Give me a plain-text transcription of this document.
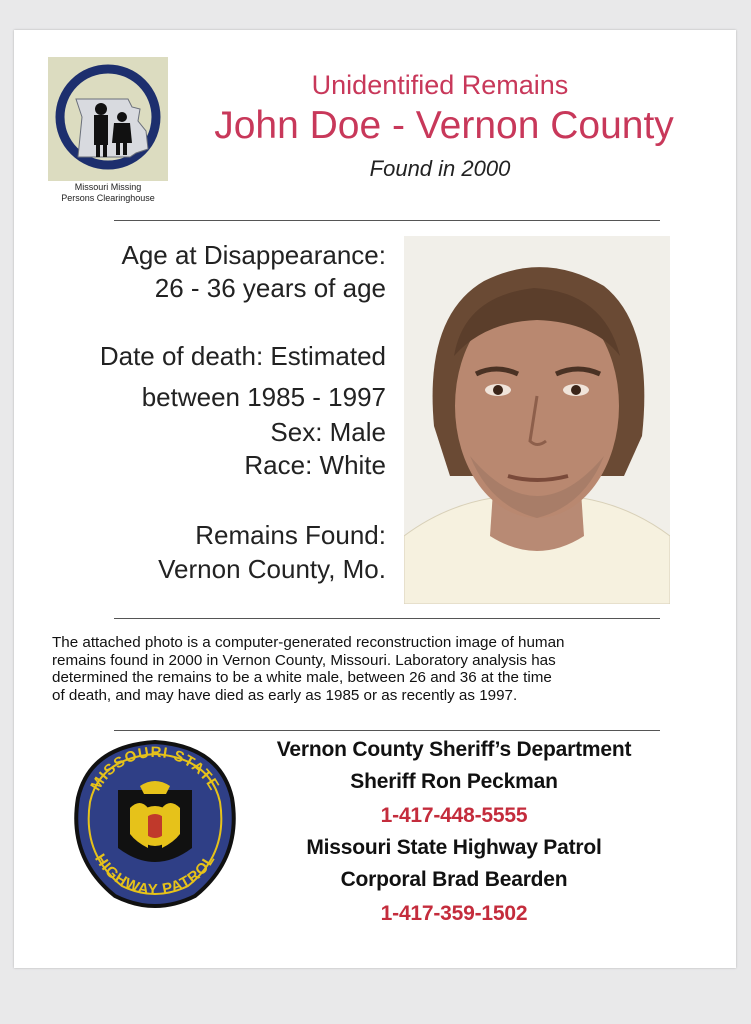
Missouri Missing
Persons Clearinghouse
Unidentified Remains
John Doe - Vernon County
Found in 2000
Age at Disappearance:
26 - 36 years of age
Date of death: Estimated
between 1985 - 1997
Sex: Male
Race: White
Remains Found:
Vernon County, Mo.
The attached photo is a computer-generated reconstruction image of human
remains found in 2000 in Vernon County, Missouri. Laboratory analysis has
determined the remains to be a white male, between 26 and 36 at the time
of death, and may have died as early as 1985 or as recently as 1997.
MISSOURI STATE
HIGHWAY PATROL
Vernon County Sheriff’s Department
Sheriff Ron Peckman
1-417-448-5555
Missouri State Highway Patrol
Corporal Brad Bearden
1-417-359-1502
